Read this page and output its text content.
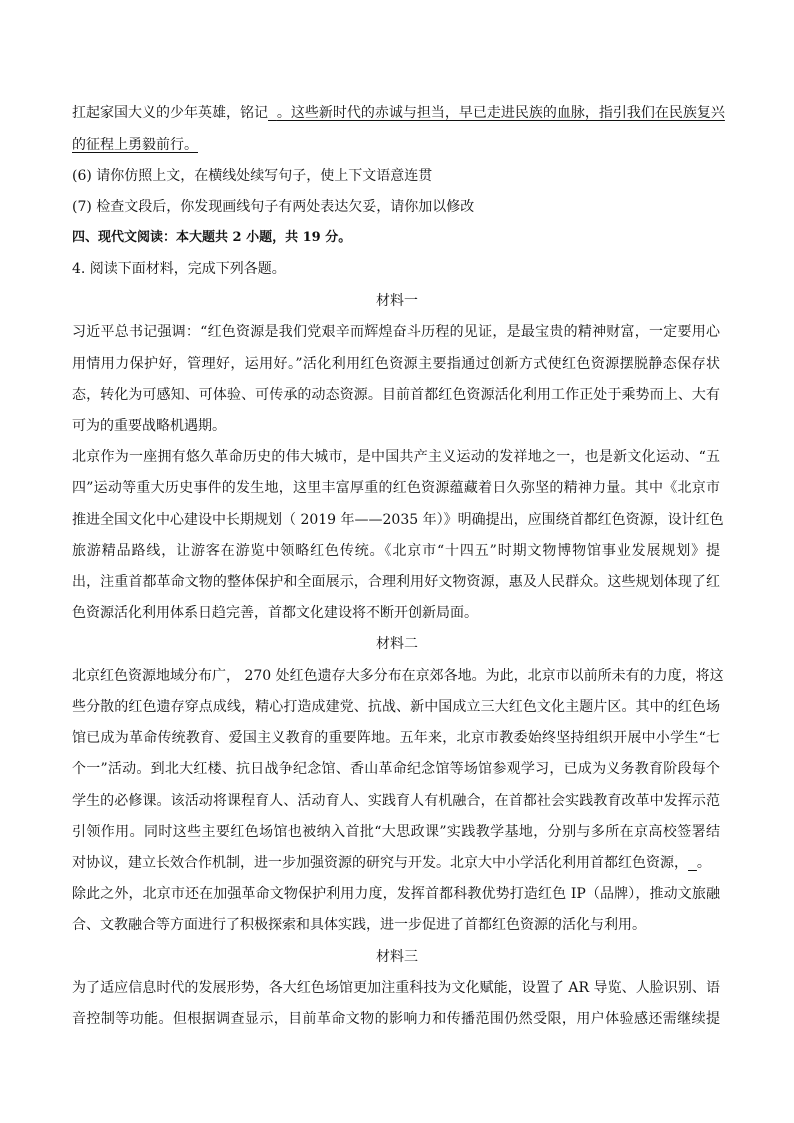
扛起家国大义的少年英雄，铭记 。这些新时代的赤诚与担当，早已走进民族的血脉，指引我们在民族复兴
的征程上勇毅前行。
(6) 请你仿照上文，在横线处续写句子，使上下文语意连贯
(7) 检查文段后，你发现画线句子有两处表达欠妥，请你加以修改
四、现代文阅读：本大题共 2 小题，共 19 分。
4. 阅读下面材料，完成下列各题。
材料一
习近平总书记强调：“红色资源是我们党艰辛而辉煌奋斗历程的见证，是最宝贵的精神财富，一定要用心
用情用力保护好，管理好，运用好。”活化利用红色资源主要指通过创新方式使红色资源摆脱静态保存状
态，转化为可感知、可体验、可传承的动态资源。目前首都红色资源活化利用工作正处于乘势而上、大有
可为的重要战略机遇期。
北京作为一座拥有悠久革命历史的伟大城市，是中国共产主义运动的发祥地之一，也是新文化运动、“五
四”运动等重大历史事件的发生地，这里丰富厚重的红色资源蕴藏着日久弥坚的精神力量。其中《北京市
推进全国文化中心建设中长期规划（ 2019 年——2035 年）》明确提出，应围绕首都红色资源，设计红色
旅游精品路线，让游客在游览中领略红色传统。《北京市“十四五”时期文物博物馆事业发展规划》提
出，注重首都革命文物的整体保护和全面展示，合理利用好文物资源，惠及人民群众。这些规划体现了红
色资源活化利用体系日趋完善，首都文化建设将不断开创新局面。
材料二
北京红色资源地域分布广， 270 处红色遗存大多分布在京郊各地。为此，北京市以前所未有的力度，将这
些分散的红色遗存穿点成线，精心打造成建党、抗战、新中国成立三大红色文化主题片区。其中的红色场
馆已成为革命传统教育、爱国主义教育的重要阵地。五年来，北京市教委始终坚持组织开展中小学生“七
个一”活动。到北大红楼、抗日战争纪念馆、香山革命纪念馆等场馆参观学习，已成为义务教育阶段每个
学生的必修课。该活动将课程育人、活动育人、实践育人有机融合，在首都社会实践教育改革中发挥示范
引领作用。同时这些主要红色场馆也被纳入首批“大思政课”实践教学基地，分别与多所在京高校签署结
对协议，建立长效合作机制，进一步加强资源的研究与开发。北京大中小学活化利用首都红色资源， 。
除此之外，北京市还在加强革命文物保护利用力度，发挥首都科教优势打造红色 IP（品牌），推动文旅融
合、文教融合等方面进行了积极探索和具体实践，进一步促进了首都红色资源的活化与利用。
材料三
为了适应信息时代的发展形势，各大红色场馆更加注重科技为文化赋能，设置了 AR 导览、人脸识别、语
音控制等功能。但根据调查显示，目前革命文物的影响力和传播范围仍然受限，用户体验感还需继续提
